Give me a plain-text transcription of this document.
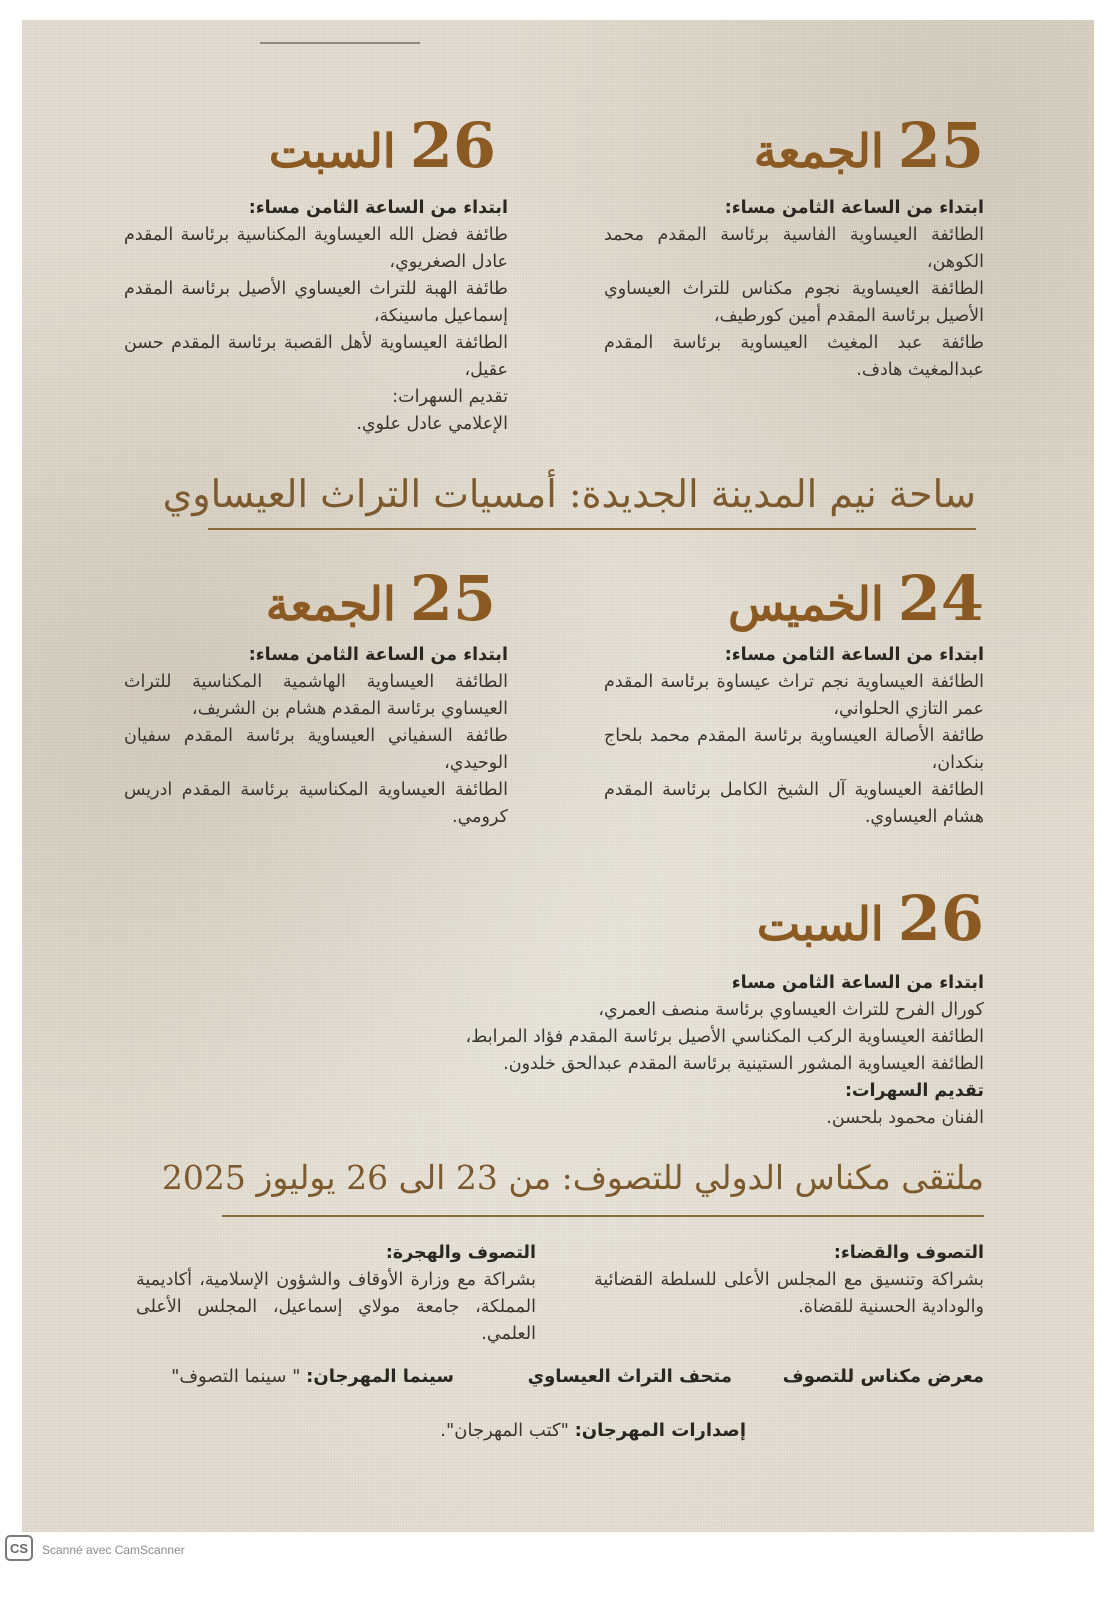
25
الجمعة
26
السبت

ابتداء من الساعة الثامن مساء:

الطائفة العيساوية الفاسية برئاسة المقدم محمد الكوهن،

الطائفة العيساوية نجوم مكناس للتراث العيساوي الأصيل برئاسة المقدم أمين كورطيف،

طائفة عبد المغيث العيساوية برئاسة المقدم عبدالمغيث هادف.

ابتداء من الساعة الثامن مساء:

طائفة فضل الله العيساوية المكناسية برئاسة المقدم عادل الصغريوي،

طائفة الهبة للتراث العيساوي الأصيل برئاسة المقدم إسماعيل ماسينكة،

الطائفة العيساوية لأهل القصبة برئاسة المقدم حسن عقيل،

تقديم السهرات:

الإعلامي عادل علوي.

ساحة نيم المدينة الجديدة: أمسيات التراث العيساوي
24
الخميس
25
الجمعة

ابتداء من الساعة الثامن مساء:

الطائفة العيساوية نجم تراث عيساوة برئاسة المقدم عمر التازي الحلواني،

طائفة الأصالة العيساوية برئاسة المقدم محمد بلحاج بنكدان،

الطائفة العيساوية آل الشيخ الكامل برئاسة المقدم هشام العيساوي.

ابتداء من الساعة الثامن مساء:

الطائفة العيساوية الهاشمية المكناسية للتراث العيساوي برئاسة المقدم هشام بن الشريف،

طائفة السفياني العيساوية برئاسة المقدم سفيان الوحيدي،

الطائفة العيساوية المكناسية برئاسة المقدم ادريس كرومي.

26
السبت

ابتداء من الساعة الثامن مساء

كورال الفرح للتراث العيساوي برئاسة منصف العمري،

الطائفة العيساوية الركب المكناسي الأصيل برئاسة المقدم فؤاد المرابط،

الطائفة العيساوية المشور الستينية برئاسة المقدم عبدالحق خلدون.

تقديم السهرات:

الفنان محمود بلحسن.

ملتقى مكناس الدولي للتصوف: من 23 الى 26 يوليوز 2025

التصوف والقضاء:

بشراكة وتنسيق مع المجلس الأعلى للسلطة القضائية والودادية الحسنية للقضاة.

التصوف والهجرة:

بشراكة مع وزارة الأوقاف والشؤون الإسلامية، أكاديمية المملكة، جامعة مولاي إسماعيل، المجلس الأعلى العلمي.

معرض مكناس للتصوف
متحف التراث العيساوي
سينما المهرجان: " سينما التصوف"
إصدارات المهرجان: "كتب المهرجان".
CS	Scanné avec CamScanner
